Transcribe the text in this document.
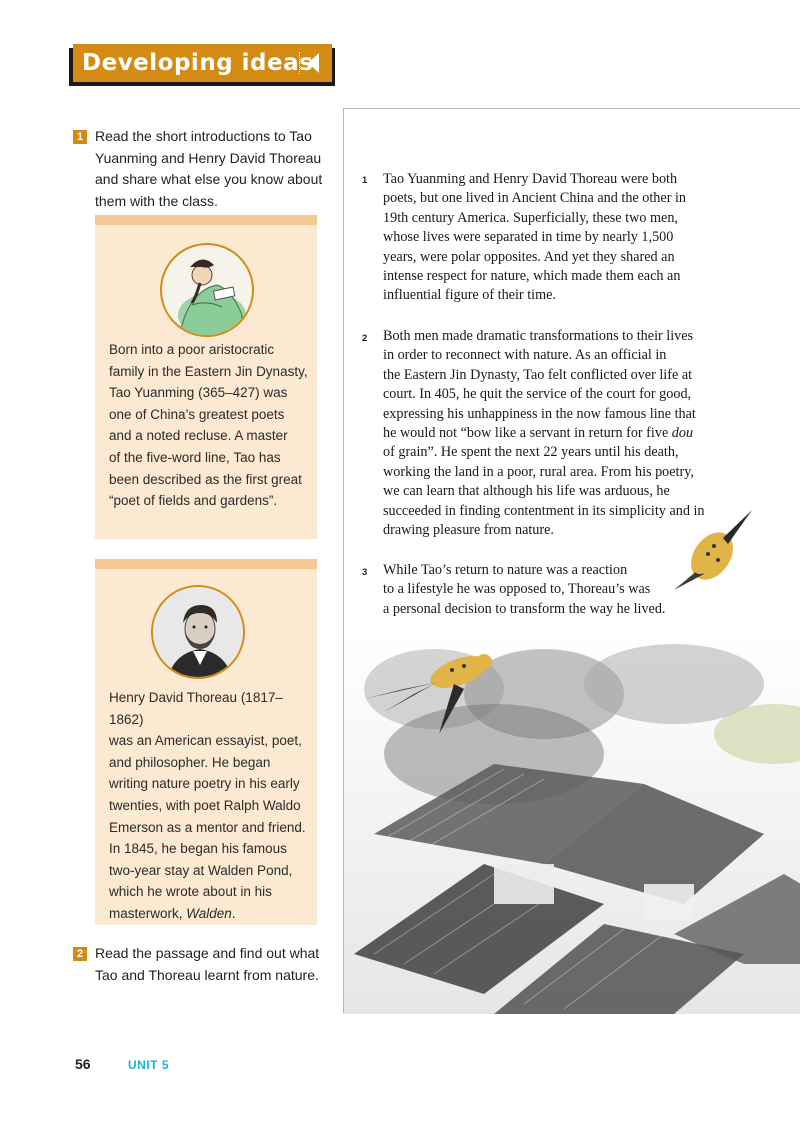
Developing ideas
1 Read the short introductions to Tao Yuanming and Henry David Thoreau and share what else you know about them with the class.
Born into a poor aristocratic
family in the Eastern Jin Dynasty,
Tao Yuanming (365–427) was
one of China’s greatest poets
and a noted recluse. A master
of the five-word line, Tao has
been described as the first great
“poet of fields and gardens”.
Henry David Thoreau (1817–1862)
was an American essayist, poet,
and philosopher. He began
writing nature poetry in his early
twenties, with poet Ralph Waldo
Emerson as a mentor and friend.
In 1845, he began his famous
two-year stay at Walden Pond,
which he wrote about in his
masterwork, Walden.
2 Read the passage and find out what Tao and Thoreau learnt from nature.
1 Tao Yuanming and Henry David Thoreau were both
poets, but one lived in Ancient China and the other in
19th century America. Superficially, these two men,
whose lives were separated in time by nearly 1,500
years, were polar opposites. And yet they shared an
intense respect for nature, which made them each an
influential figure of their time.
2 Both men made dramatic transformations to their lives
in order to reconnect with nature. As an official in
the Eastern Jin Dynasty, Tao felt conflicted over life at
court. In 405, he quit the service of the court for good,
expressing his unhappiness in the now famous line that
he would not “bow like a servant in return for five dou
of grain”. He spent the next 22 years until his death,
working the land in a poor, rural area. From his poetry,
we can learn that although his life was arduous, he
succeeded in finding contentment in its simplicity and in
drawing pleasure from nature.
3 While Tao’s return to nature was a reaction
to a lifestyle he was opposed to, Thoreau’s was
a personal decision to transform the way he lived.
56	UNIT 5
